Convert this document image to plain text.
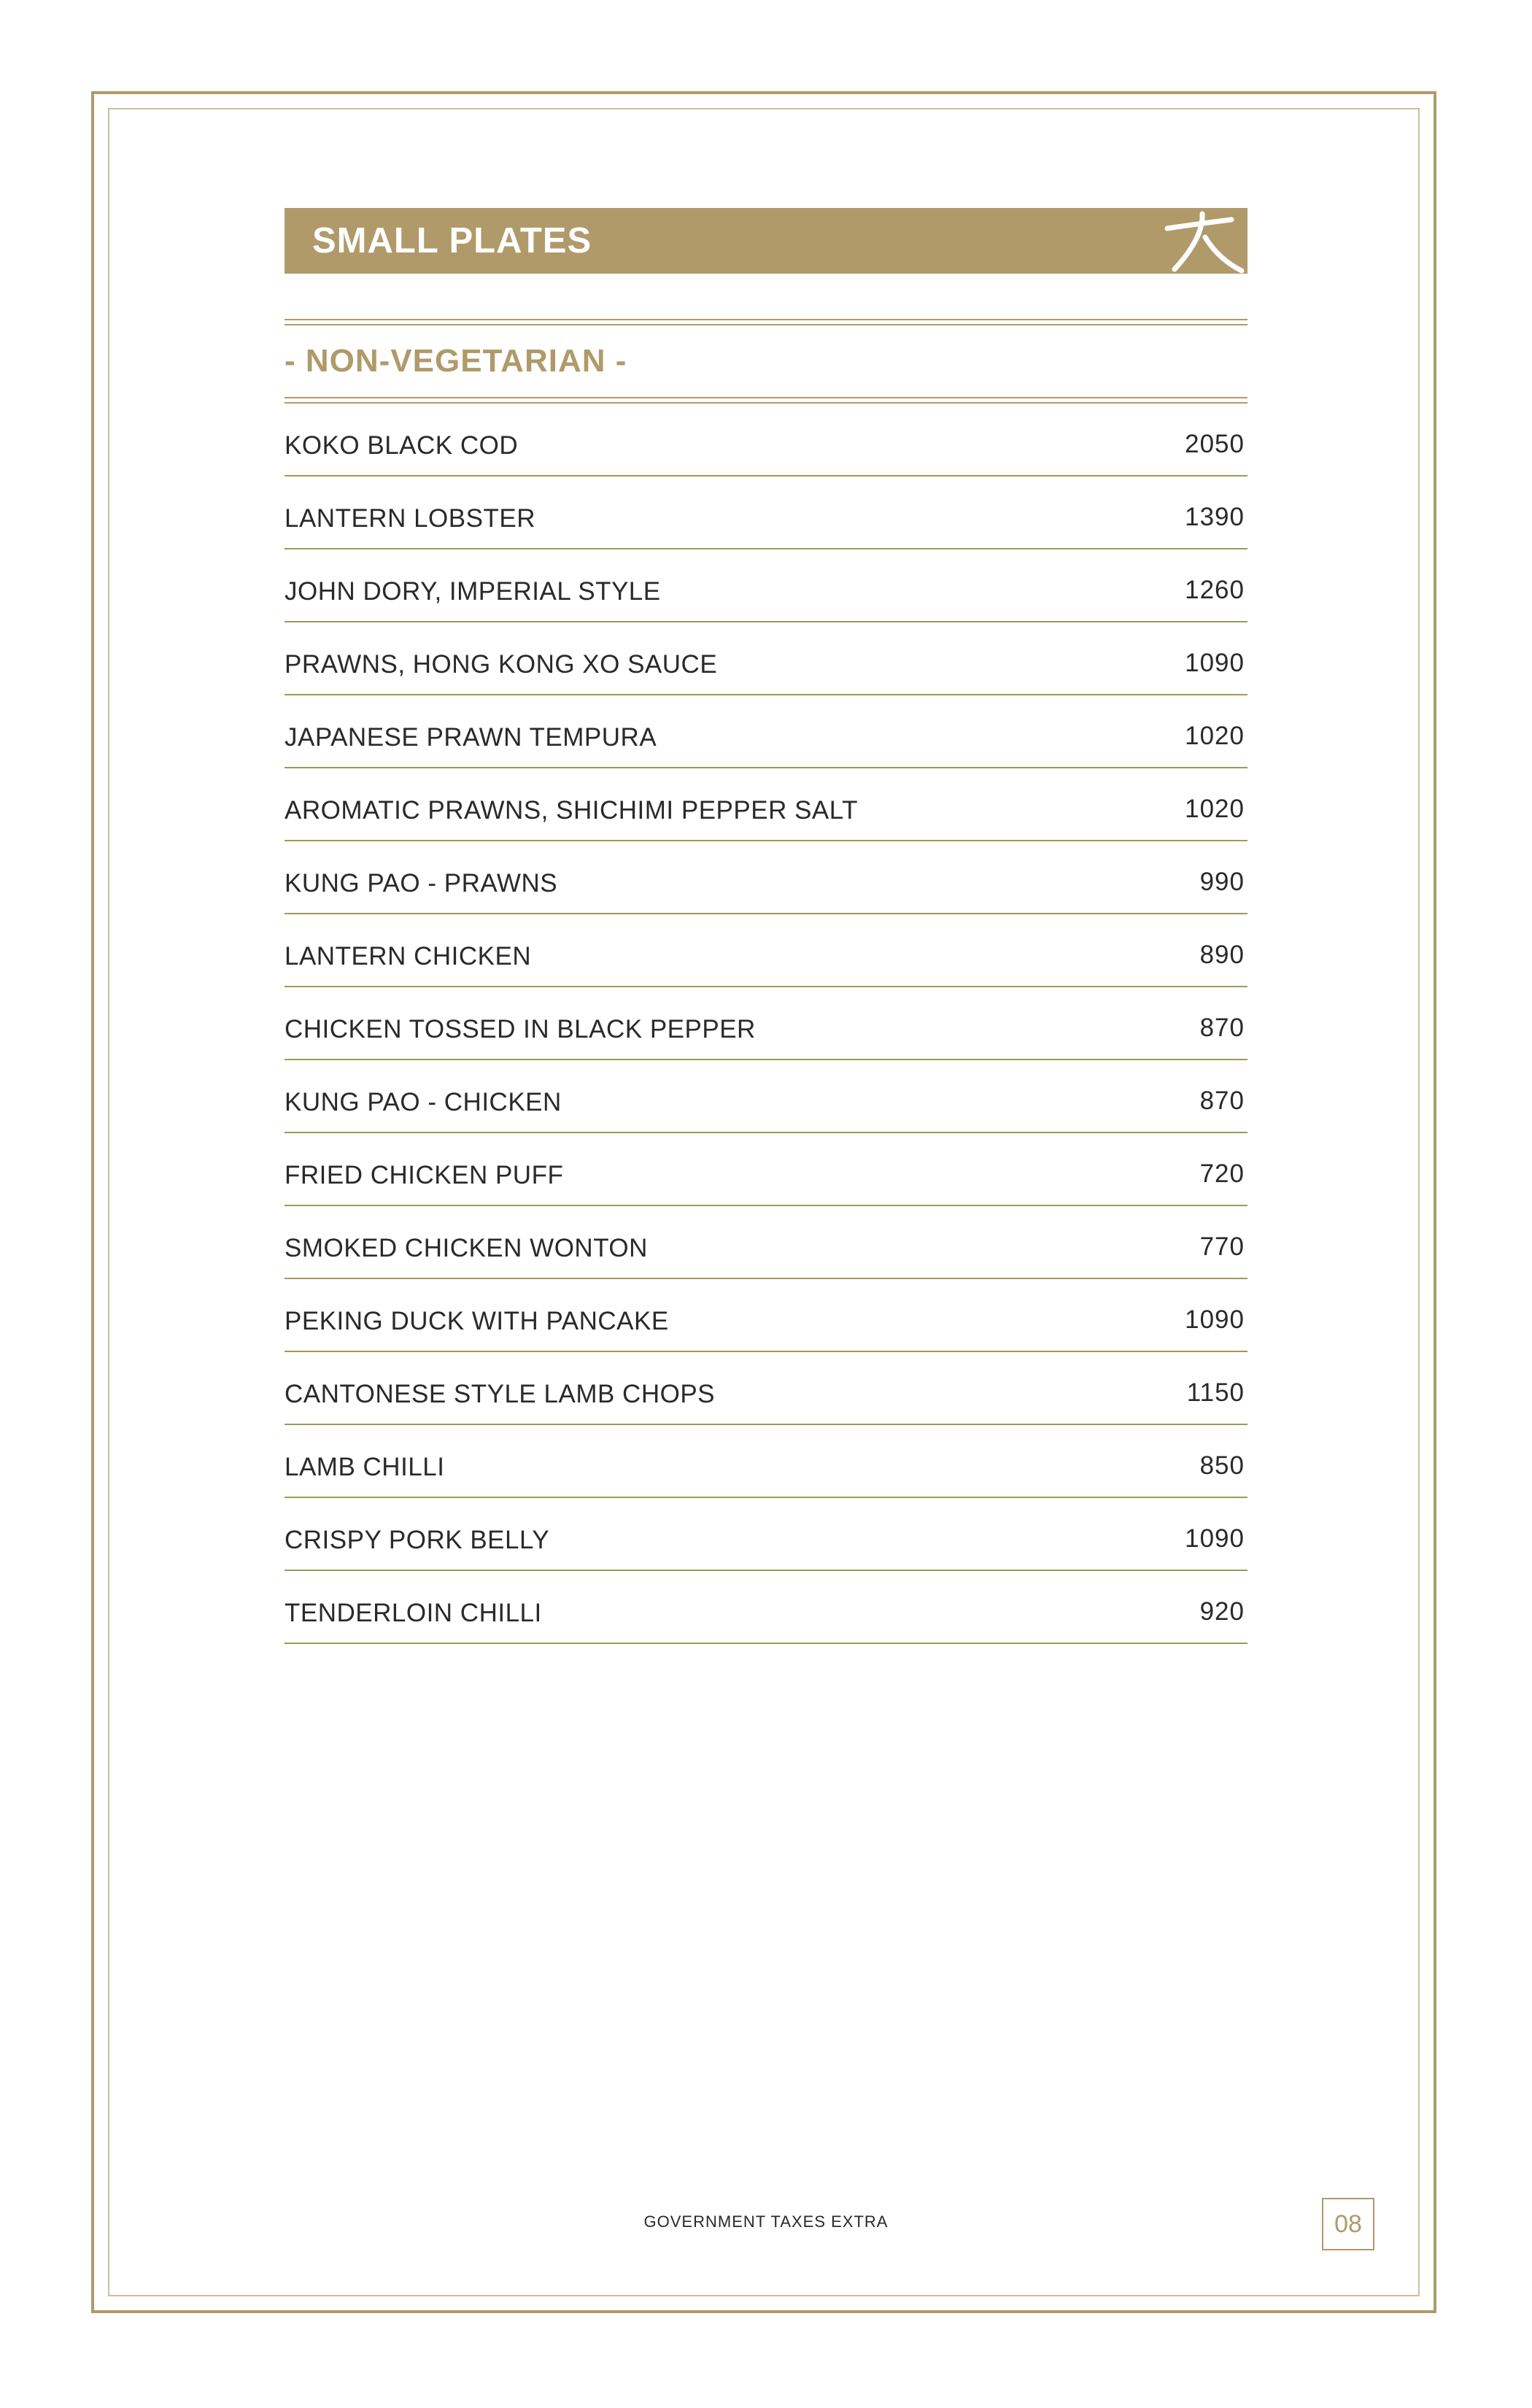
SMALL PLATES
- NON-VEGETARIAN -
KOKO BLACK COD	2050
LANTERN LOBSTER	1390
JOHN DORY, IMPERIAL STYLE	1260
PRAWNS, HONG KONG XO SAUCE	1090
JAPANESE PRAWN TEMPURA	1020
AROMATIC PRAWNS, SHICHIMI PEPPER SALT	1020
KUNG PAO - PRAWNS	990
LANTERN CHICKEN	890
CHICKEN TOSSED IN BLACK PEPPER	870
KUNG PAO - CHICKEN	870
FRIED CHICKEN PUFF	720
SMOKED CHICKEN WONTON	770
PEKING DUCK WITH PANCAKE	1090
CANTONESE STYLE LAMB CHOPS	1150
LAMB CHILLI	850
CRISPY PORK BELLY	1090
TENDERLOIN CHILLI	920
GOVERNMENT TAXES EXTRA	08
